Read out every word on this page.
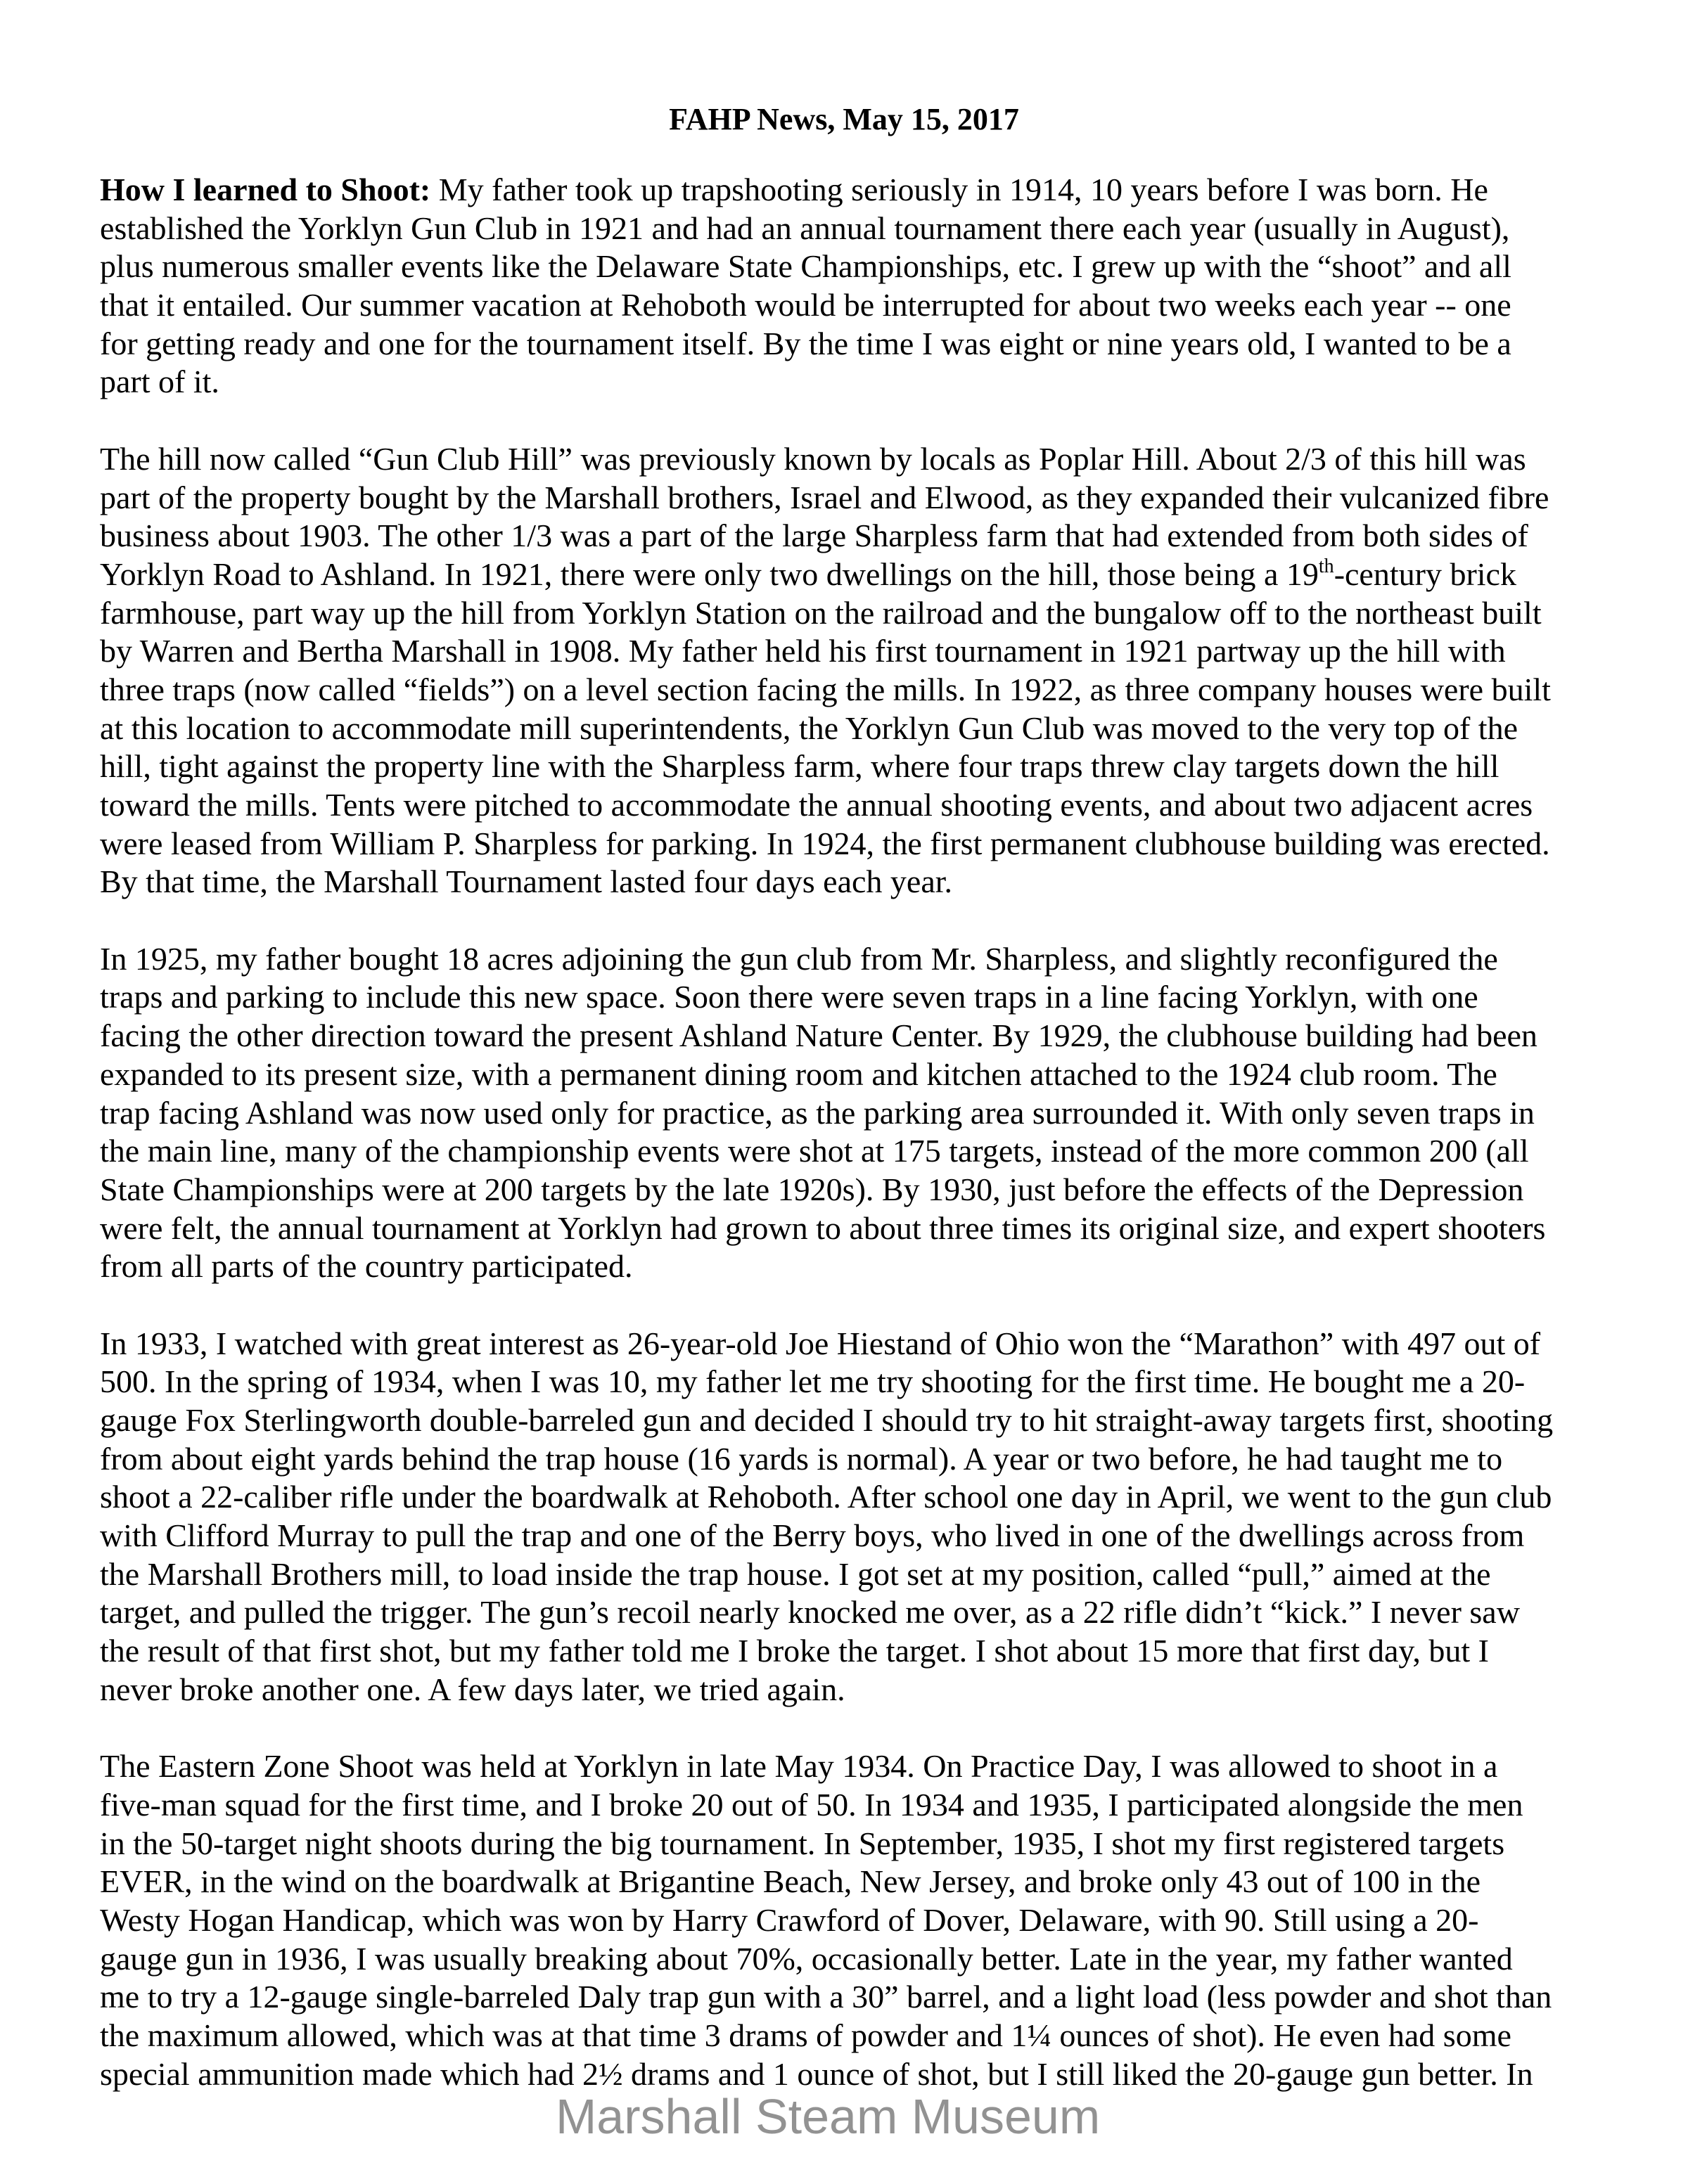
FAHP News, May 15, 2017
How I learned to Shoot: My father took up trapshooting seriously in 1914, 10 years before I was born. He
established the Yorklyn Gun Club in 1921 and had an annual tournament there each year (usually in August),
plus numerous smaller events like the Delaware State Championships, etc. I grew up with the “shoot” and all
that it entailed. Our summer vacation at Rehoboth would be interrupted for about two weeks each year -- one
for getting ready and one for the tournament itself. By the time I was eight or nine years old, I wanted to be a
part of it.
The hill now called “Gun Club Hill” was previously known by locals as Poplar Hill. About 2/3 of this hill was
part of the property bought by the Marshall brothers, Israel and Elwood, as they expanded their vulcanized fibre
business about 1903. The other 1/3 was a part of the large Sharpless farm that had extended from both sides of
Yorklyn Road to Ashland. In 1921, there were only two dwellings on the hill, those being a 19th-century brick
farmhouse, part way up the hill from Yorklyn Station on the railroad and the bungalow off to the northeast built
by Warren and Bertha Marshall in 1908. My father held his first tournament in 1921 partway up the hill with
three traps (now called “fields”) on a level section facing the mills. In 1922, as three company houses were built
at this location to accommodate mill superintendents, the Yorklyn Gun Club was moved to the very top of the
hill, tight against the property line with the Sharpless farm, where four traps threw clay targets down the hill
toward the mills. Tents were pitched to accommodate the annual shooting events, and about two adjacent acres
were leased from William P. Sharpless for parking. In 1924, the first permanent clubhouse building was erected.
By that time, the Marshall Tournament lasted four days each year.
In 1925, my father bought 18 acres adjoining the gun club from Mr. Sharpless, and slightly reconfigured the
traps and parking to include this new space. Soon there were seven traps in a line facing Yorklyn, with one
facing the other direction toward the present Ashland Nature Center. By 1929, the clubhouse building had been
expanded to its present size, with a permanent dining room and kitchen attached to the 1924 club room. The
trap facing Ashland was now used only for practice, as the parking area surrounded it. With only seven traps in
the main line, many of the championship events were shot at 175 targets, instead of the more common 200 (all
State Championships were at 200 targets by the late 1920s). By 1930, just before the effects of the Depression
were felt, the annual tournament at Yorklyn had grown to about three times its original size, and expert shooters
from all parts of the country participated.
In 1933, I watched with great interest as 26-year-old Joe Hiestand of Ohio won the “Marathon” with 497 out of
500. In the spring of 1934, when I was 10, my father let me try shooting for the first time. He bought me a 20-
gauge Fox Sterlingworth double-barreled gun and decided I should try to hit straight-away targets first, shooting
from about eight yards behind the trap house (16 yards is normal). A year or two before, he had taught me to
shoot a 22-caliber rifle under the boardwalk at Rehoboth. After school one day in April, we went to the gun club
with Clifford Murray to pull the trap and one of the Berry boys, who lived in one of the dwellings across from
the Marshall Brothers mill, to load inside the trap house. I got set at my position, called “pull,” aimed at the
target, and pulled the trigger. The gun’s recoil nearly knocked me over, as a 22 rifle didn’t “kick.” I never saw
the result of that first shot, but my father told me I broke the target. I shot about 15 more that first day, but I
never broke another one. A few days later, we tried again.
The Eastern Zone Shoot was held at Yorklyn in late May 1934. On Practice Day, I was allowed to shoot in a
five-man squad for the first time, and I broke 20 out of 50. In 1934 and 1935, I participated alongside the men
in the 50-target night shoots during the big tournament. In September, 1935, I shot my first registered targets
EVER, in the wind on the boardwalk at Brigantine Beach, New Jersey, and broke only 43 out of 100 in the
Westy Hogan Handicap, which was won by Harry Crawford of Dover, Delaware, with 90. Still using a 20-
gauge gun in 1936, I was usually breaking about 70%, occasionally better. Late in the year, my father wanted
me to try a 12-gauge single-barreled Daly trap gun with a 30” barrel, and a light load (less powder and shot than
the maximum allowed, which was at that time 3 drams of powder and 1¼ ounces of shot). He even had some
special ammunition made which had 2½ drams and 1 ounce of shot, but I still liked the 20-gauge gun better. In
Marshall Steam Museum
